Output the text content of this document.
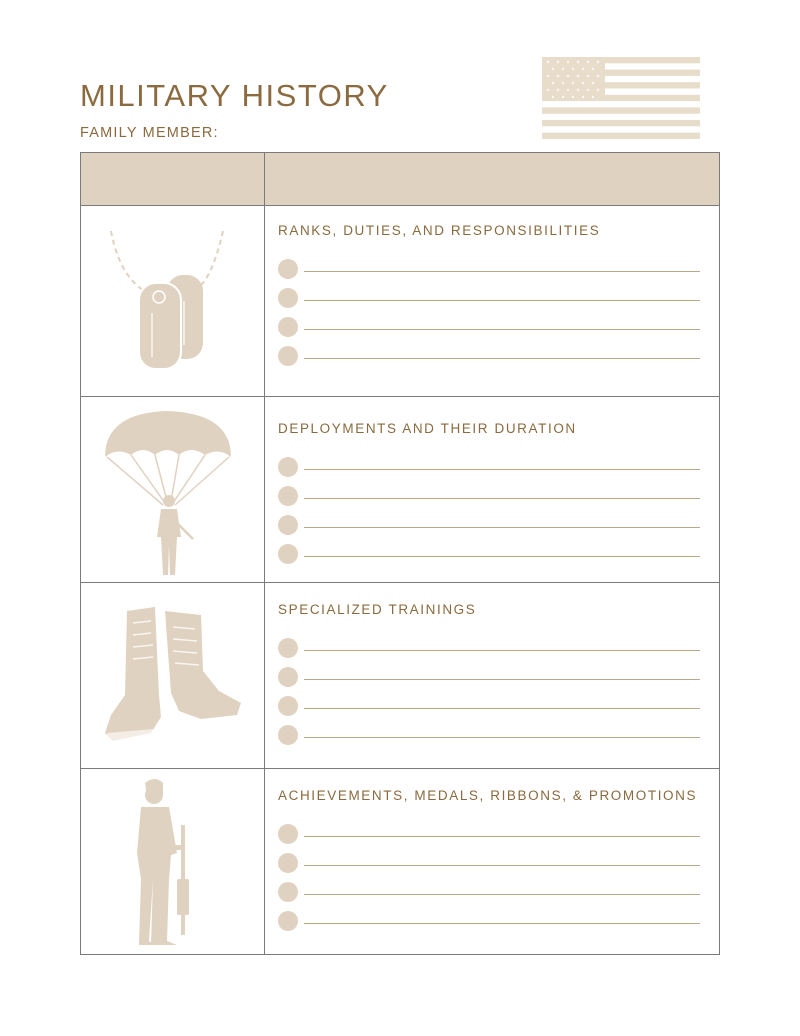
MILITARY HISTORY
FAMILY MEMBER:
RANKS, DUTIES, AND RESPONSIBILITIES
DEPLOYMENTS AND THEIR DURATION
SPECIALIZED TRAININGS
ACHIEVEMENTS, MEDALS, RIBBONS, & PROMOTIONS
